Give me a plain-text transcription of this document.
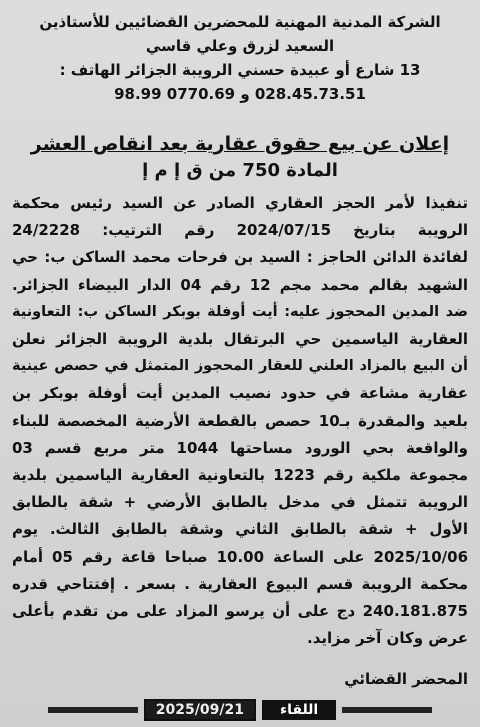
الشركة المدنية المهنية للمحضرين القضائيين للأستاذين
السعيد لزرق وعلي قاسي
13 شارع أو عبيدة حسني الرويبة الجزائر الهاتف :
028.45.73.51 و 0770.69 98.99
إعلان عن بيع حقوق عقارية بعد انقاص العشر
المادة 750 من ق إ م إ
تنفيذا لأمر الحجز العقاري الصادر عن السيد رئيس محكمة
الرويبة بتاريخ 2024/07/15 رقم الترتيب: 24/2228
لفائدة الدائن الحاجز : السيد بن فرحات محمد الساكن ب: حي
الشهيد بقالم محمد مجم 12 رقم 04 الدار البيضاء الجزائر.
ضد المدين المحجوز عليه: أيت أوفلة بوبكر الساكن ب: التعاونية
العقارية الياسمين حي البرتقال بلدية الرويبة الجزائر نعلن
أن البيع بالمزاد العلني للعقار المحجوز المتمثل في حصص عينية
عقارية مشاعة في حدود نصيب المدين أيت أوفلة بوبكر بن
بلعيد والمقدرة بـ10 حصص بالقطعة الأرضية المخصصة للبناء
والواقعة بحي الورود مساحتها 1044 متر مربع قسم 03
مجموعة ملكية رقم 1223 بالتعاونية العقارية الياسمين بلدية
الرويبة تتمثل في مدخل بالطابق الأرضي + شقة بالطابق
الأول + شقة بالطابق الثاني وشقة بالطابق الثالث. يوم
2025/10/06 على الساعة 10.00 صباحا قاعة رقم 05 أمام
محكمة الرويبة قسم البيوع العقارية . بسعر . إفتتاحي قدره
240.181.875 دج على أن يرسو المزاد على من تقدم بأعلى
عرض وكان آخر مزايد.
المحضر القضائي
اللقاء
2025/09/21
